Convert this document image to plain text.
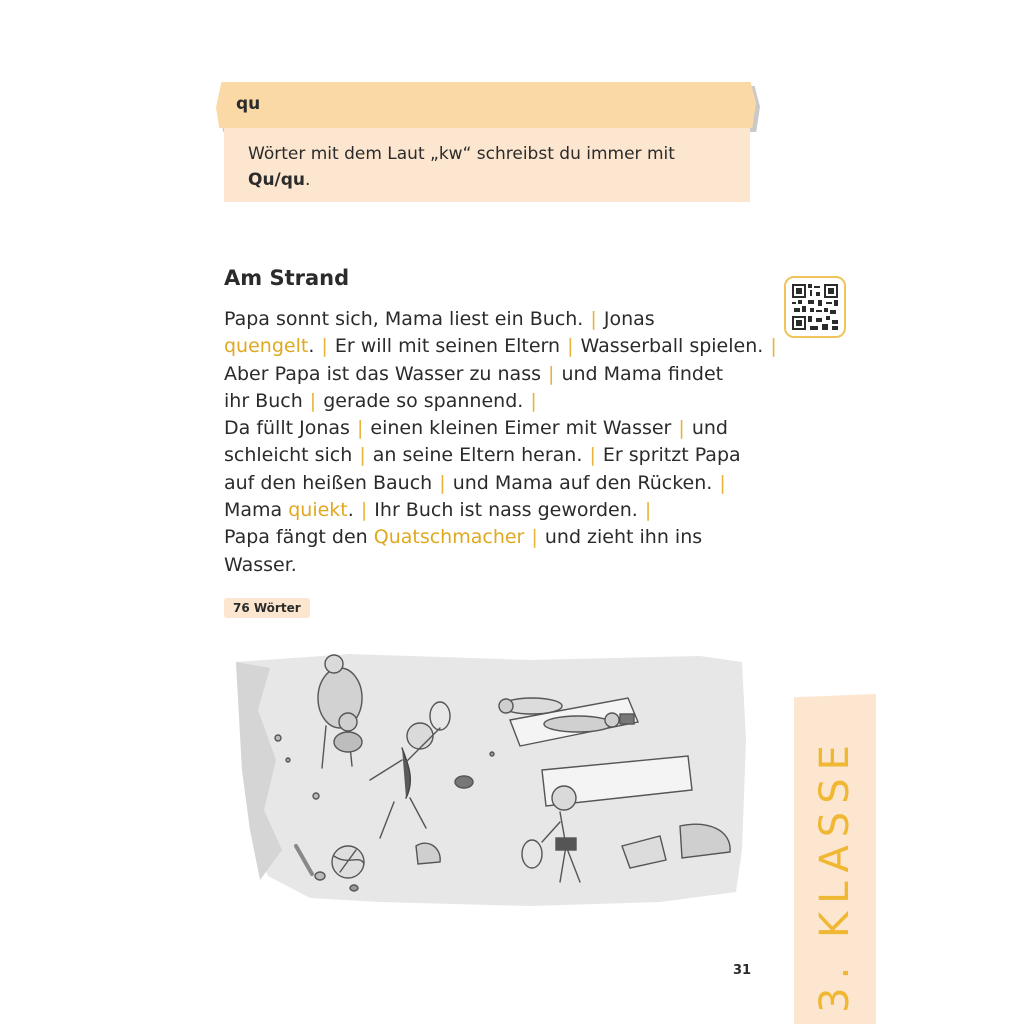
qu
Wörter mit dem Laut „kw“ schreibst du immer mit
Qu/qu.
Am Strand
Papa sonnt sich, Mama liest ein Buch. | Jonas
quengelt. | Er will mit seinen Eltern | Wasserball spielen. |
Aber Papa ist das Wasser zu nass | und Mama findet
ihr Buch | gerade so spannend. |
Da füllt Jonas | einen kleinen Eimer mit Wasser | und
schleicht sich | an seine Eltern heran. | Er spritzt Papa
auf den heißen Bauch | und Mama auf den Rücken. |
Mama quiekt. | Ihr Buch ist nass geworden. |
Papa fängt den Quatschmacher | und zieht ihn ins
Wasser.
76 Wörter
3. KLASSE
31
